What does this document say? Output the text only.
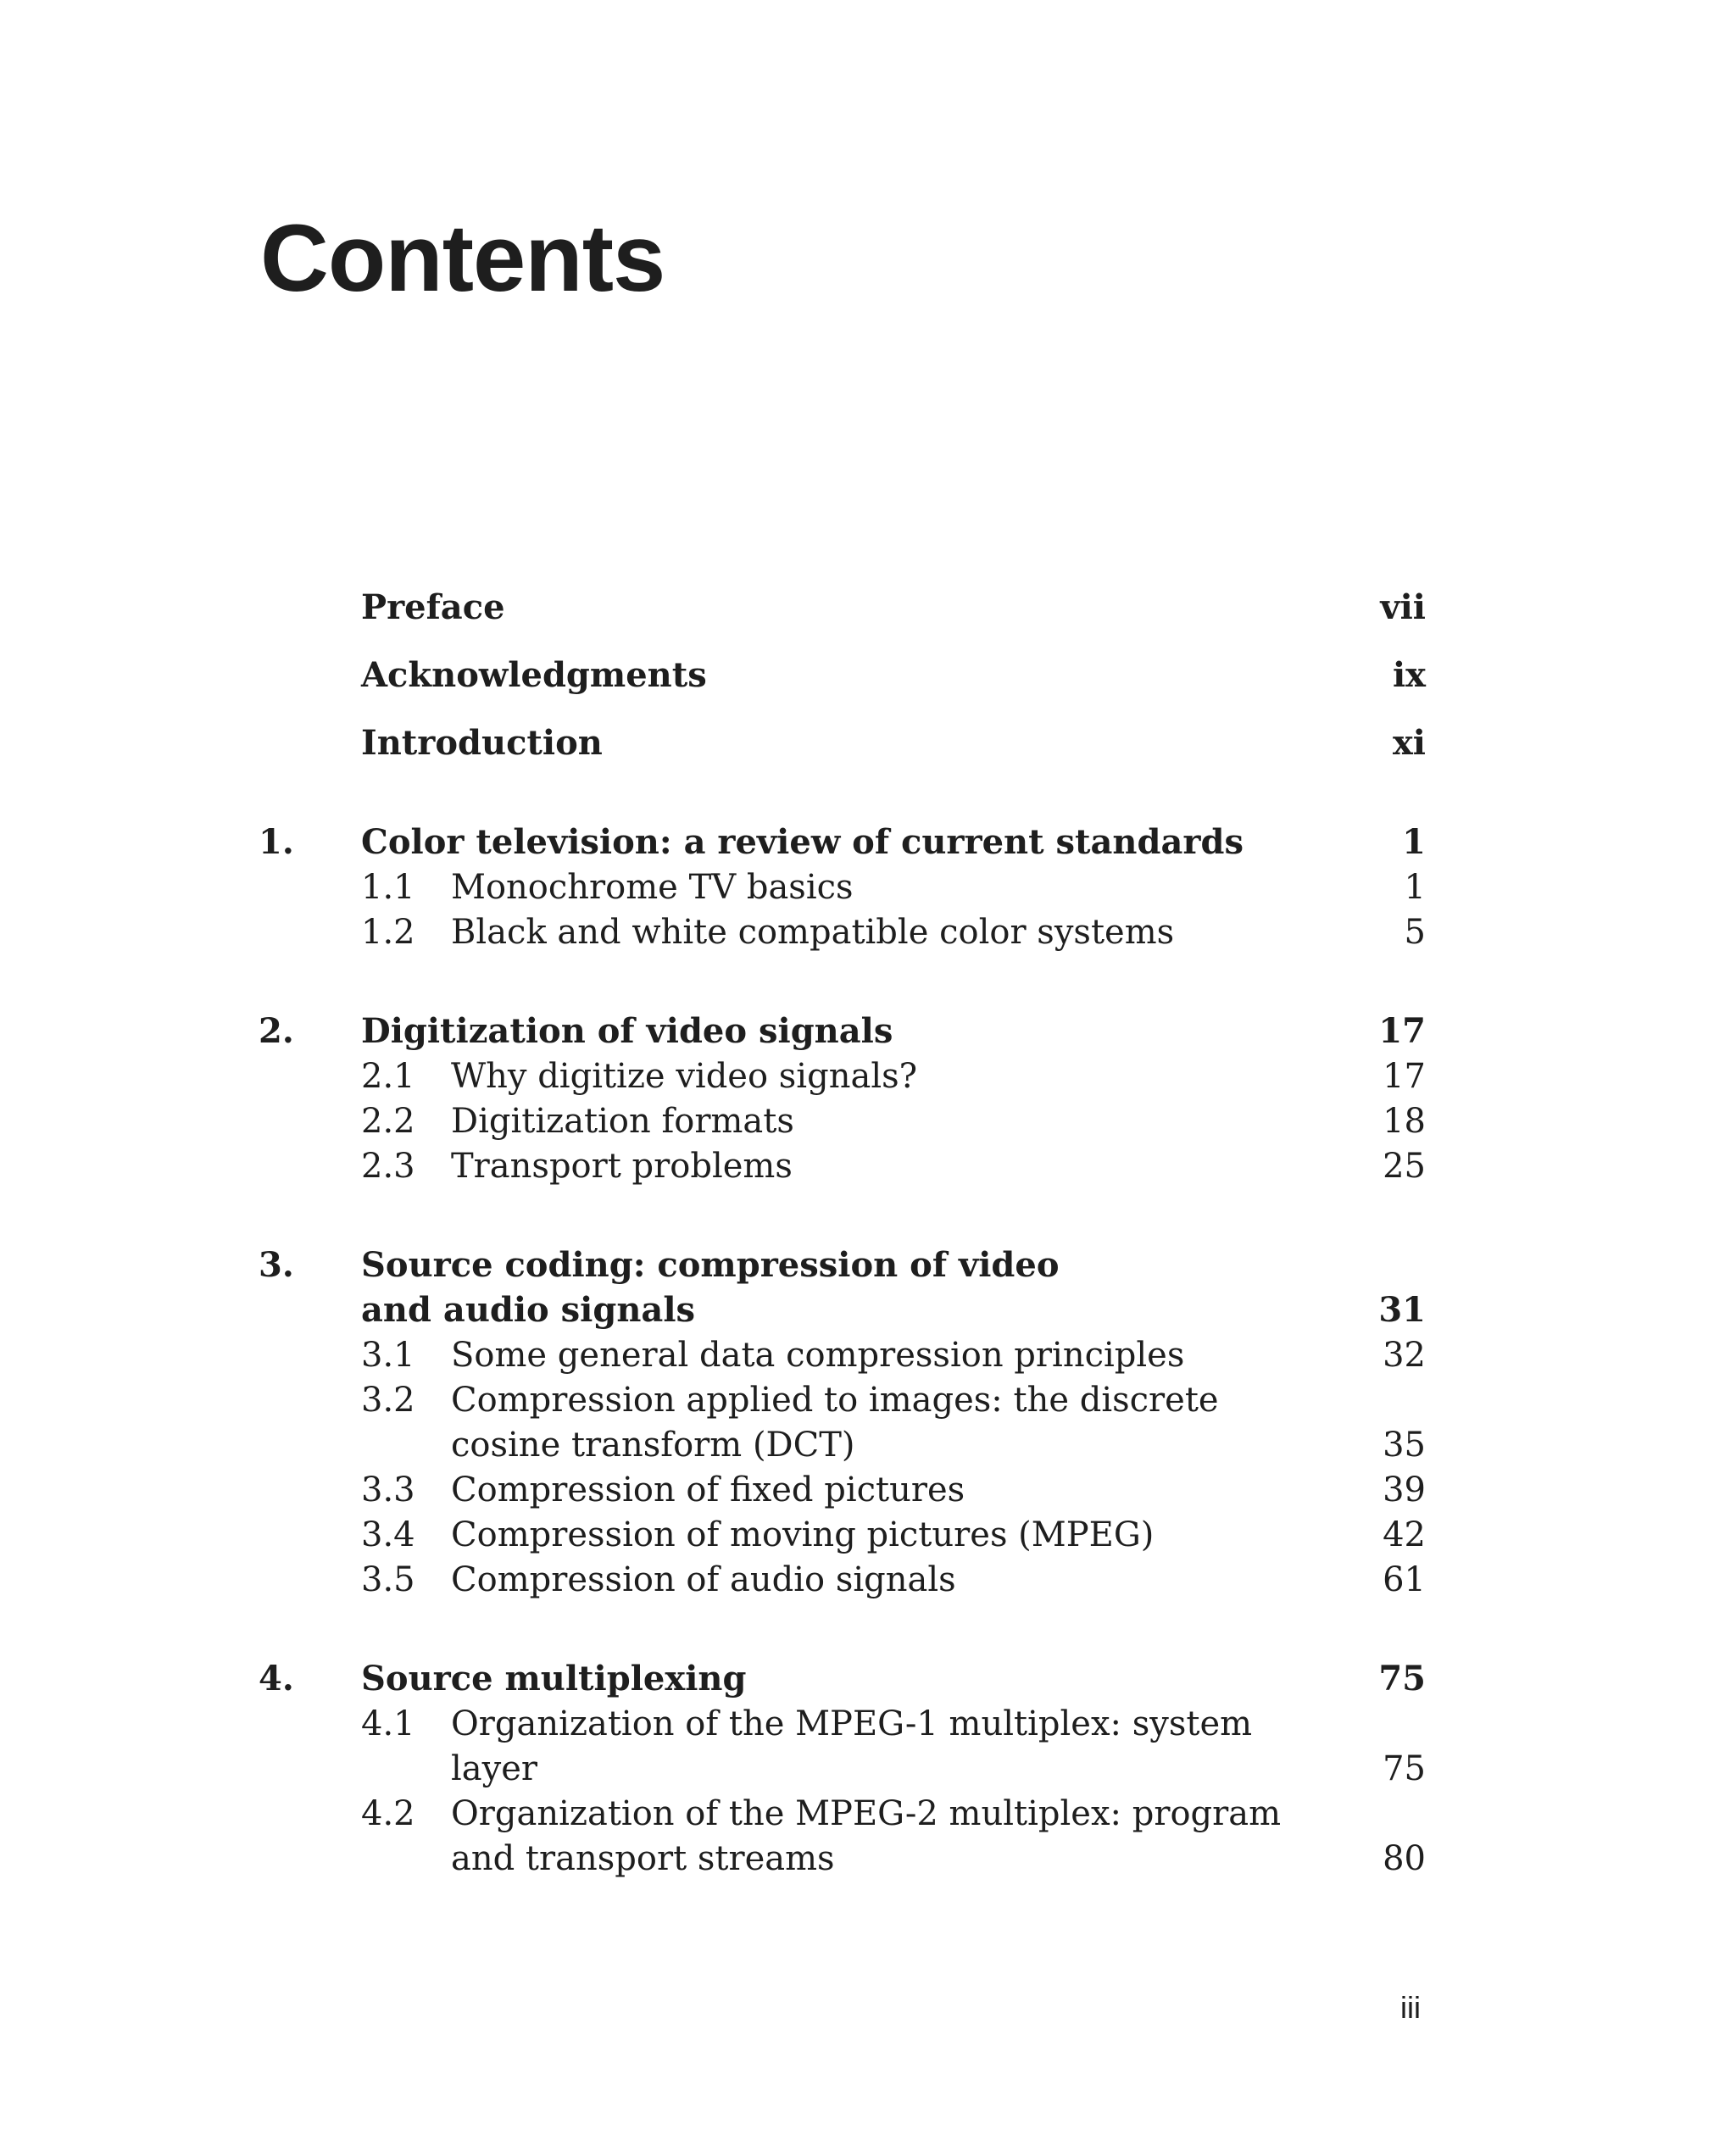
Contents
Preface	vii
Acknowledgments	ix
Introduction	xi
1. Color television: a review of current standards	1
1.1 Monochrome TV basics	1
1.2 Black and white compatible color systems	5
2. Digitization of video signals	17
2.1 Why digitize video signals?	17
2.2 Digitization formats	18
2.3 Transport problems	25
3. Source coding: compression of video
and audio signals	31
3.1 Some general data compression principles	32
3.2 Compression applied to images: the discrete
cosine transform (DCT)	35
3.3 Compression of fixed pictures	39
3.4 Compression of moving pictures (MPEG)	42
3.5 Compression of audio signals	61
4. Source multiplexing	75
4.1 Organization of the MPEG-1 multiplex: system
layer	75
4.2 Organization of the MPEG-2 multiplex: program
and transport streams	80
iii
